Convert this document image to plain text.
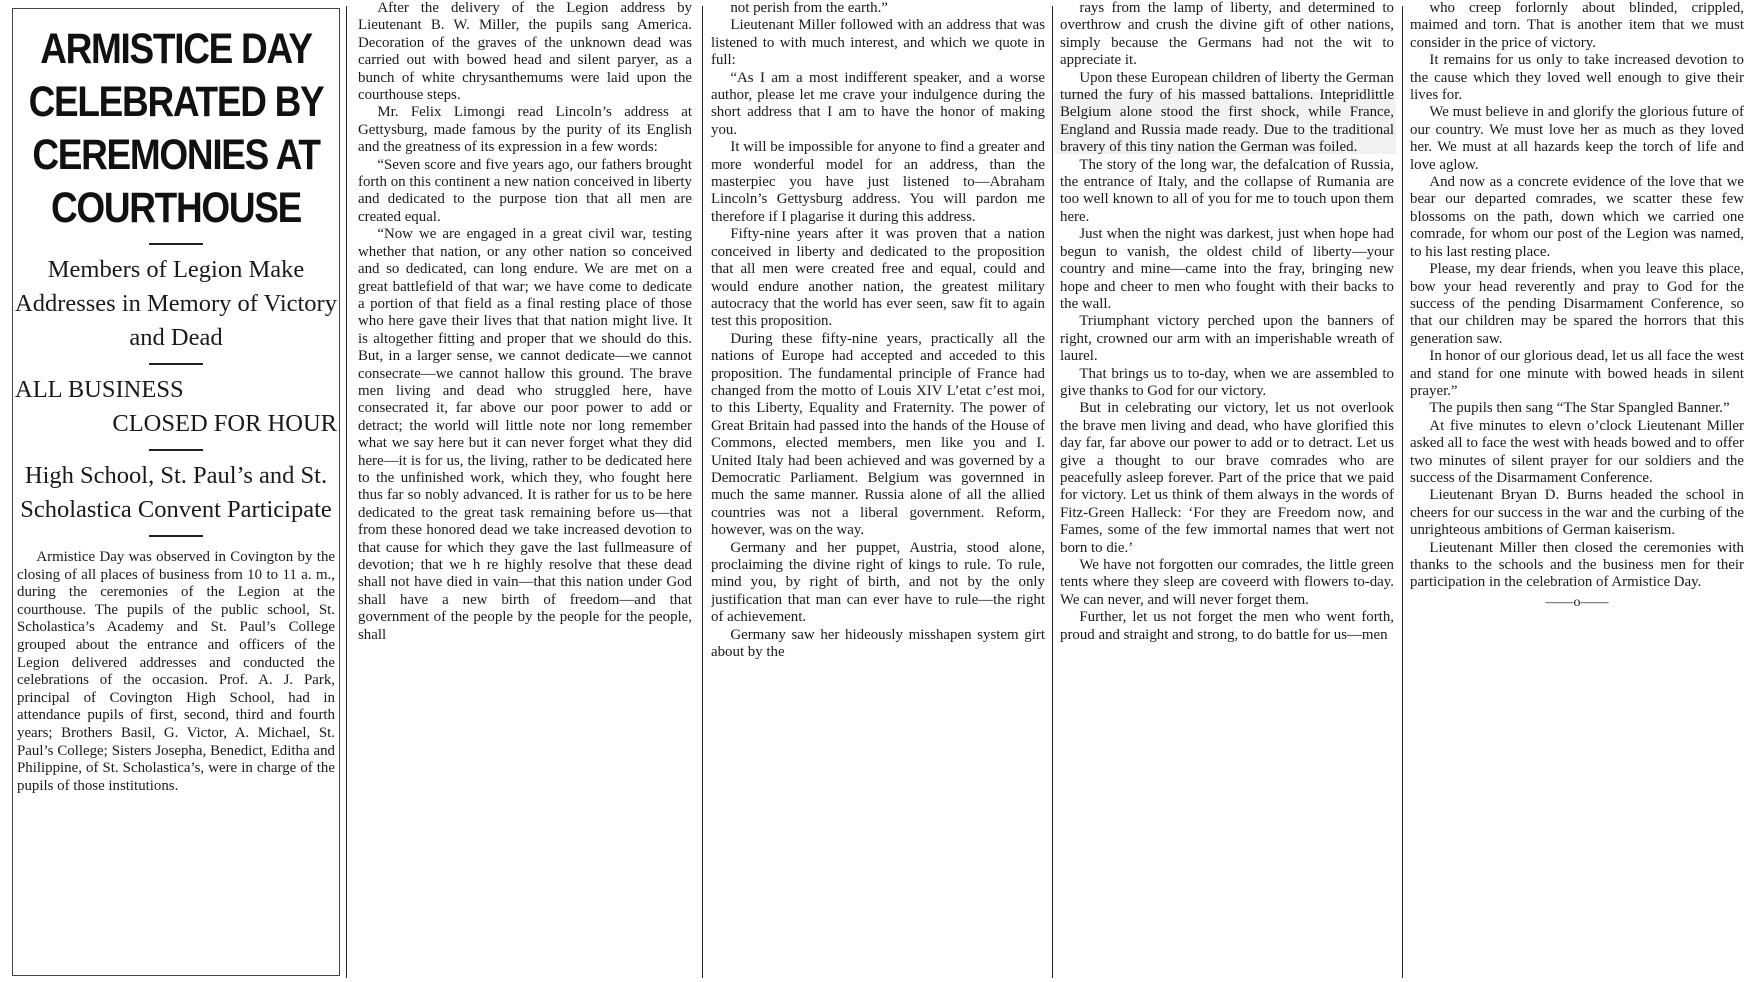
ARMISTICE DAY CELEBRATED BY CEREMONIES AT COURTHOUSE
Members of Legion Make Addresses in Memory of Victory and Dead
ALL BUSINESS
CLOSED FOR HOUR
High School, St. Paul’s and St. Scholastica Convent Participate

Armistice Day was observed in Covington by the closing of all places of business from 10 to 11 a. m., during the ceremonies of the Legion at the courthouse. The pupils of the public school, St. Scholastica’s Academy and St. Paul’s College grouped about the entrance and officers of the Legion delivered addresses and conducted the celebrations of the occasion. Prof. A. J. Park, principal of Covington High School, had in attendance pupils of first, second, third and fourth years; Brothers Basil, G. Victor, A. Michael, St. Paul’s College; Sisters Josepha, Benedict, Editha and Philippine, of St. Scholastica’s, were in charge of the pupils of those institutions.

After the delivery of the Legion address by Lieutenant B. W. Miller, the pupils sang America. Decoration of the graves of the unknown dead was carried out with bowed head and silent paryer, as a bunch of white chrysanthemums were laid upon the courthouse steps.

Mr. Felix Limongi read Lincoln’s address at Gettysburg, made famous by the purity of its English and the greatness of its expression in a few words:

“Seven score and five years ago, our fathers brought forth on this continent a new nation conceived in liberty and dedicated to the purpose tion that all men are created equal.

“Now we are engaged in a great civil war, testing whether that nation, or any other nation so conceived and so dedicated, can long endure. We are met on a great battlefield of that war; we have come to dedicate a portion of that field as a final resting place of those who here gave their lives that that nation might live. It is altogether fitting and proper that we should do this. But, in a larger sense, we cannot dedicate—we cannot consecrate—we cannot hallow this ground. The brave men living and dead who struggled here, have consecrated it, far above our poor power to add or detract; the world will little note nor long remember what we say here but it can never forget what they did here—it is for us, the living, rather to be dedicated here to the unfinished work, which they, who fought here thus far so nobly advanced. It is rather for us to be here dedicated to the great task remaining before us—that from these honored dead we take increased devotion to that cause for which they gave the last fullmeasure of devotion; that we h re highly resolve that these dead shall not have died in vain—that this nation under God shall have a new birth of freedom—and that government of the people by the people for the people, shall

not perish from the earth.”

Lieutenant Miller followed with an address that was listened to with much interest, and which we quote in full:

“As I am a most indifferent speaker, and a worse author, please let me crave your indulgence during the short address that I am to have the honor of making you.

It will be impossible for anyone to find a greater and more wonderful model for an address, than the masterpiec you have just listened to—Abraham Lincoln’s Gettysburg address. You will pardon me therefore if I plagarise it during this address.

Fifty-nine years after it was proven that a nation conceived in liberty and dedicated to the proposition that all men were created free and equal, could and would endure another nation, the greatest military autocracy that the world has ever seen, saw fit to again test this proposition.

During these fifty-nine years, practically all the nations of Europe had accepted and acceded to this proposition. The fundamental principle of France had changed from the motto of Louis XIV L’etat c’est moi, to this Liberty, Equality and Fraternity. The power of Great Britain had passed into the hands of the House of Commons, elected members, men like you and I. United Italy had been achieved and was governed by a Democratic Parliament. Belgium was governned in much the same manner. Russia alone of all the allied countries was not a liberal government. Reform, however, was on the way.

Germany and her puppet, Austria, stood alone, proclaiming the divine right of kings to rule. To rule, mind you, by right of birth, and not by the only justification that man can ever have to rule—the right of achievement.

Germany saw her hideously misshapen system girt about by the

rays from the lamp of liberty, and determined to overthrow and crush the divine gift of other nations, simply because the Germans had not the wit to appreciate it.

Upon these European children of liberty the German turned the fury of his massed battalions. Intepridlittle Belgium alone stood the first shock, while France, England and Russia made ready. Due to the traditional bravery of this tiny nation the German was foiled.

The story of the long war, the defalcation of Russia, the entrance of Italy, and the collapse of Rumania are too well known to all of you for me to touch upon them here.

Just when the night was darkest, just when hope had begun to vanish, the oldest child of liberty—your country and mine—came into the fray, bringing new hope and cheer to men who fought with their backs to the wall.

Triumphant victory perched upon the banners of right, crowned our arm with an imperishable wreath of laurel.

That brings us to to-day, when we are assembled to give thanks to God for our victory.

But in celebrating our victory, let us not overlook the brave men living and dead, who have glorified this day far, far above our power to add or to detract. Let us give a thought to our brave comrades who are peacefully asleep forever. Part of the price that we paid for victory. Let us think of them always in the words of Fitz-Green Halleck: ‘For they are Freedom now, and Fames, some of the few immortal names that wert not born to die.’

We have not forgotten our comrades, the little green tents where they sleep are coveerd with flowers to-day. We can never, and will never forget them.

Further, let us not forget the men who went forth, proud and straight and strong, to do battle for us—men

who creep forlornly about blinded, crippled, maimed and torn. That is another item that we must consider in the price of victory.

It remains for us only to take increased devotion to the cause which they loved well enough to give their lives for.

We must believe in and glorify the glorious future of our country. We must love her as much as they loved her. We must at all hazards keep the torch of life and love aglow.

And now as a concrete evidence of the love that we bear our departed comrades, we scatter these few blossoms on the path, down which we carried one comrade, for whom our post of the Legion was named, to his last resting place.

Please, my dear friends, when you leave this place, bow your head reverently and pray to God for the success of the pending Disarmament Conference, so that our children may be spared the horrors that this generation saw.

In honor of our glorious dead, let us all face the west and stand for one minute with bowed heads in silent prayer.”

The pupils then sang “The Star Spangled Banner.”

At five minutes to elevn o’clock Lieutenant Miller asked all to face the west with heads bowed and to offer two minutes of silent prayer for our soldiers and the success of the Disarmament Conference.

Lieutenant Bryan D. Burns headed the school in cheers for our success in the war and the curbing of the unrighteous ambitions of German kaiserism.

Lieutenant Miller then closed the ceremonies with thanks to the schools and the business men for their participation in the celebration of Armistice Day.

——o——
